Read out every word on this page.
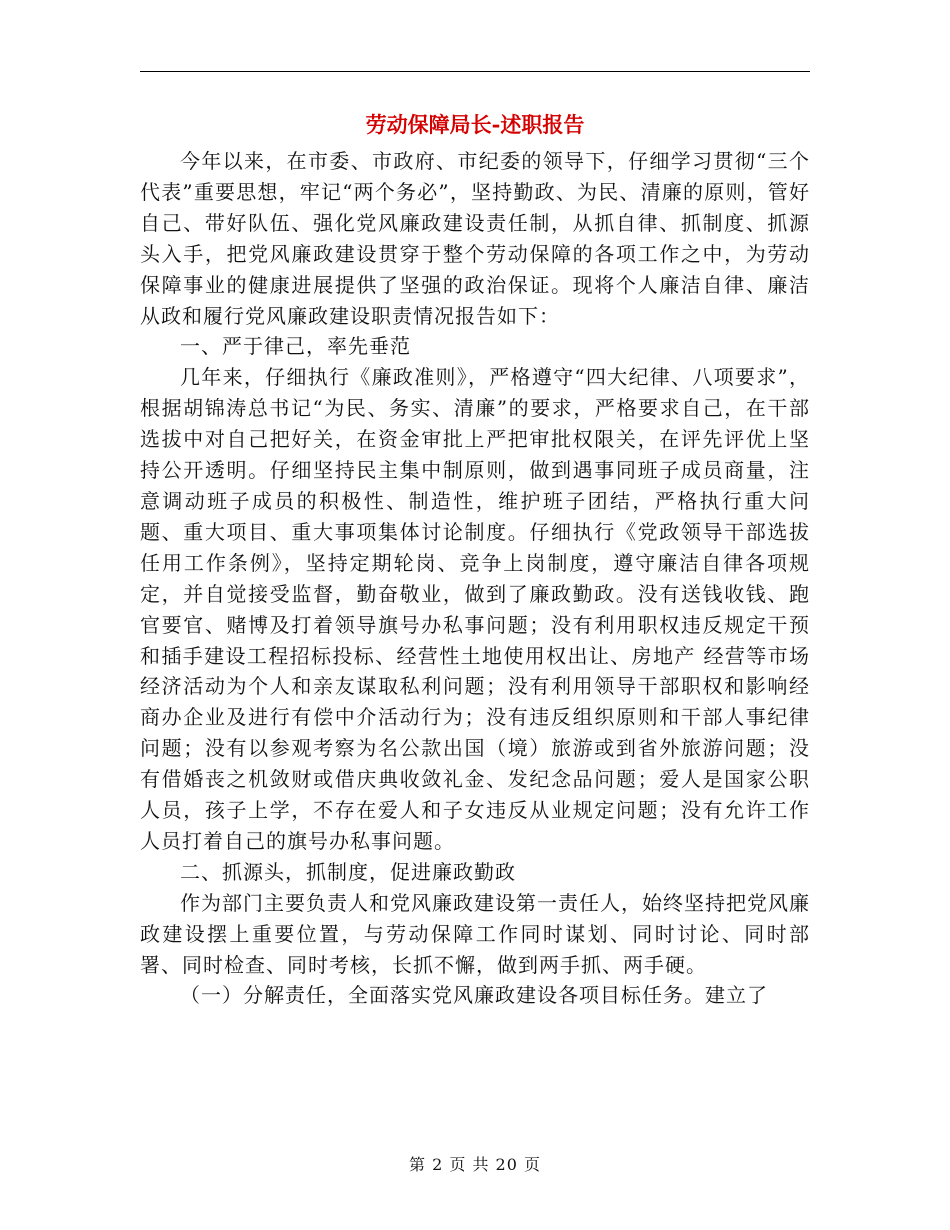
劳动保障局长-述职报告

今年以来，在市委、市政府、市纪委的领导下，仔细学习贯彻“三个代表”重要思想，牢记“两个务必”，坚持勤政、为民、清廉的原则，管好自己、带好队伍、强化党风廉政建设责任制，从抓自律、抓制度、抓源头入手，把党风廉政建设贯穿于整个劳动保障的各项工作之中，为劳动保障事业的健康进展提供了坚强的政治保证。现将个人廉洁自律、廉洁从政和履行党风廉政建设职责情况报告如下：

一、严于律己，率先垂范

几年来，仔细执行《廉政准则》，严格遵守“四大纪律、八项要求”，根据胡锦涛总书记“为民、务实、清廉”的要求，严格要求自己，在干部选拔中对自己把好关，在资金审批上严把审批权限关，在评先评优上坚持公开透明。仔细坚持民主集中制原则，做到遇事同班子成员商量，注意调动班子成员的积极性、制造性，维护班子团结，严格执行重大问题、重大项目、重大事项集体讨论制度。仔细执行《党政领导干部选拔任用工作条例》，坚持定期轮岗、竞争上岗制度，遵守廉洁自律各项规定，并自觉接受监督，勤奋敬业，做到了廉政勤政。没有送钱收钱、跑官要官、赌博及打着领导旗号办私事问题；没有利用职权违反规定干预和插手建设工程招标投标、经营性土地使用权出让、房地产 经营等市场经济活动为个人和亲友谋取私利问题；没有利用领导干部职权和影响经商办企业及进行有偿中介活动行为；没有违反组织原则和干部人事纪律问题；没有以参观考察为名公款出国（境）旅游或到省外旅游问题；没有借婚丧之机敛财或借庆典收敛礼金、发纪念品问题；爱人是国家公职人员，孩子上学，不存在爱人和子女违反从业规定问题；没有允许工作人员打着自己的旗号办私事问题。

二、抓源头，抓制度，促进廉政勤政

作为部门主要负责人和党风廉政建设第一责任人，始终坚持把党风廉政建设摆上重要位置，与劳动保障工作同时谋划、同时讨论、同时部署、同时检查、同时考核，长抓不懈，做到两手抓、两手硬。

（一）分解责任，全面落实党风廉政建设各项目标任务。建立了

第 2 页 共 20 页
